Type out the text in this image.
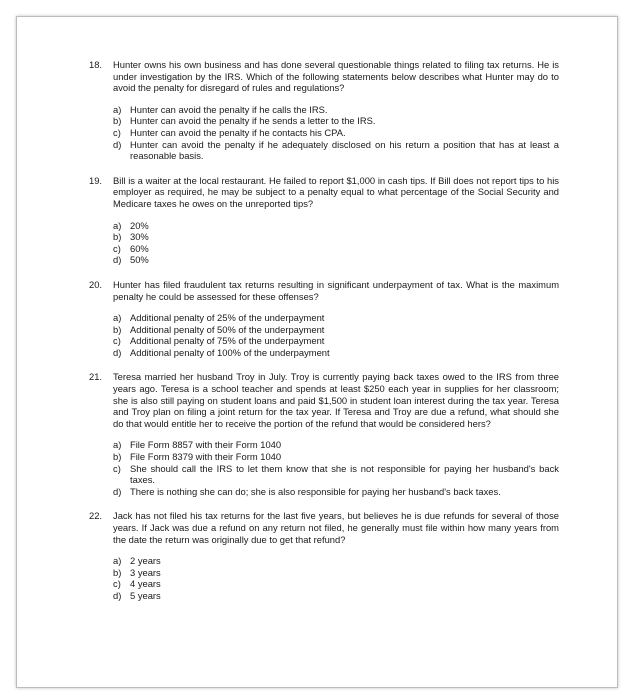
18.	Hunter owns his own business and has done several questionable things related to filing tax returns. He is under investigation by the IRS. Which of the following statements below describes what Hunter may do to avoid the penalty for disregard of rules and regulations?
a) Hunter can avoid the penalty if he calls the IRS.
b) Hunter can avoid the penalty if he sends a letter to the IRS.
c) Hunter can avoid the penalty if he contacts his CPA.
d) Hunter can avoid the penalty if he adequately disclosed on his return a position that has at least a reasonable basis.
19.	Bill is a waiter at the local restaurant. He failed to report $1,000 in cash tips. If Bill does not report tips to his employer as required, he may be subject to a penalty equal to what percentage of the Social Security and Medicare taxes he owes on the unreported tips?
a) 20%
b) 30%
c) 60%
d) 50%
20.	Hunter has filed fraudulent tax returns resulting in significant underpayment of tax. What is the maximum penalty he could be assessed for these offenses?
a) Additional penalty of 25% of the underpayment
b) Additional penalty of 50% of the underpayment
c) Additional penalty of 75% of the underpayment
d) Additional penalty of 100% of the underpayment
21.	Teresa married her husband Troy in July. Troy is currently paying back taxes owed to the IRS from three years ago. Teresa is a school teacher and spends at least $250 each year in supplies for her classroom; she is also still paying on student loans and paid $1,500 in student loan interest during the tax year. Teresa and Troy plan on filing a joint return for the tax year. If Teresa and Troy are due a refund, what should she do that would entitle her to receive the portion of the refund that would be considered hers?
a) File Form 8857 with their Form 1040
b) File Form 8379 with their Form 1040
c) She should call the IRS to let them know that she is not responsible for paying her husband's back taxes.
d) There is nothing she can do; she is also responsible for paying her husband's back taxes.
22.	Jack has not filed his tax returns for the last five years, but believes he is due refunds for several of those years. If Jack was due a refund on any return not filed, he generally must file within how many years from the date the return was originally due to get that refund?
a) 2 years
b) 3 years
c) 4 years
d) 5 years
